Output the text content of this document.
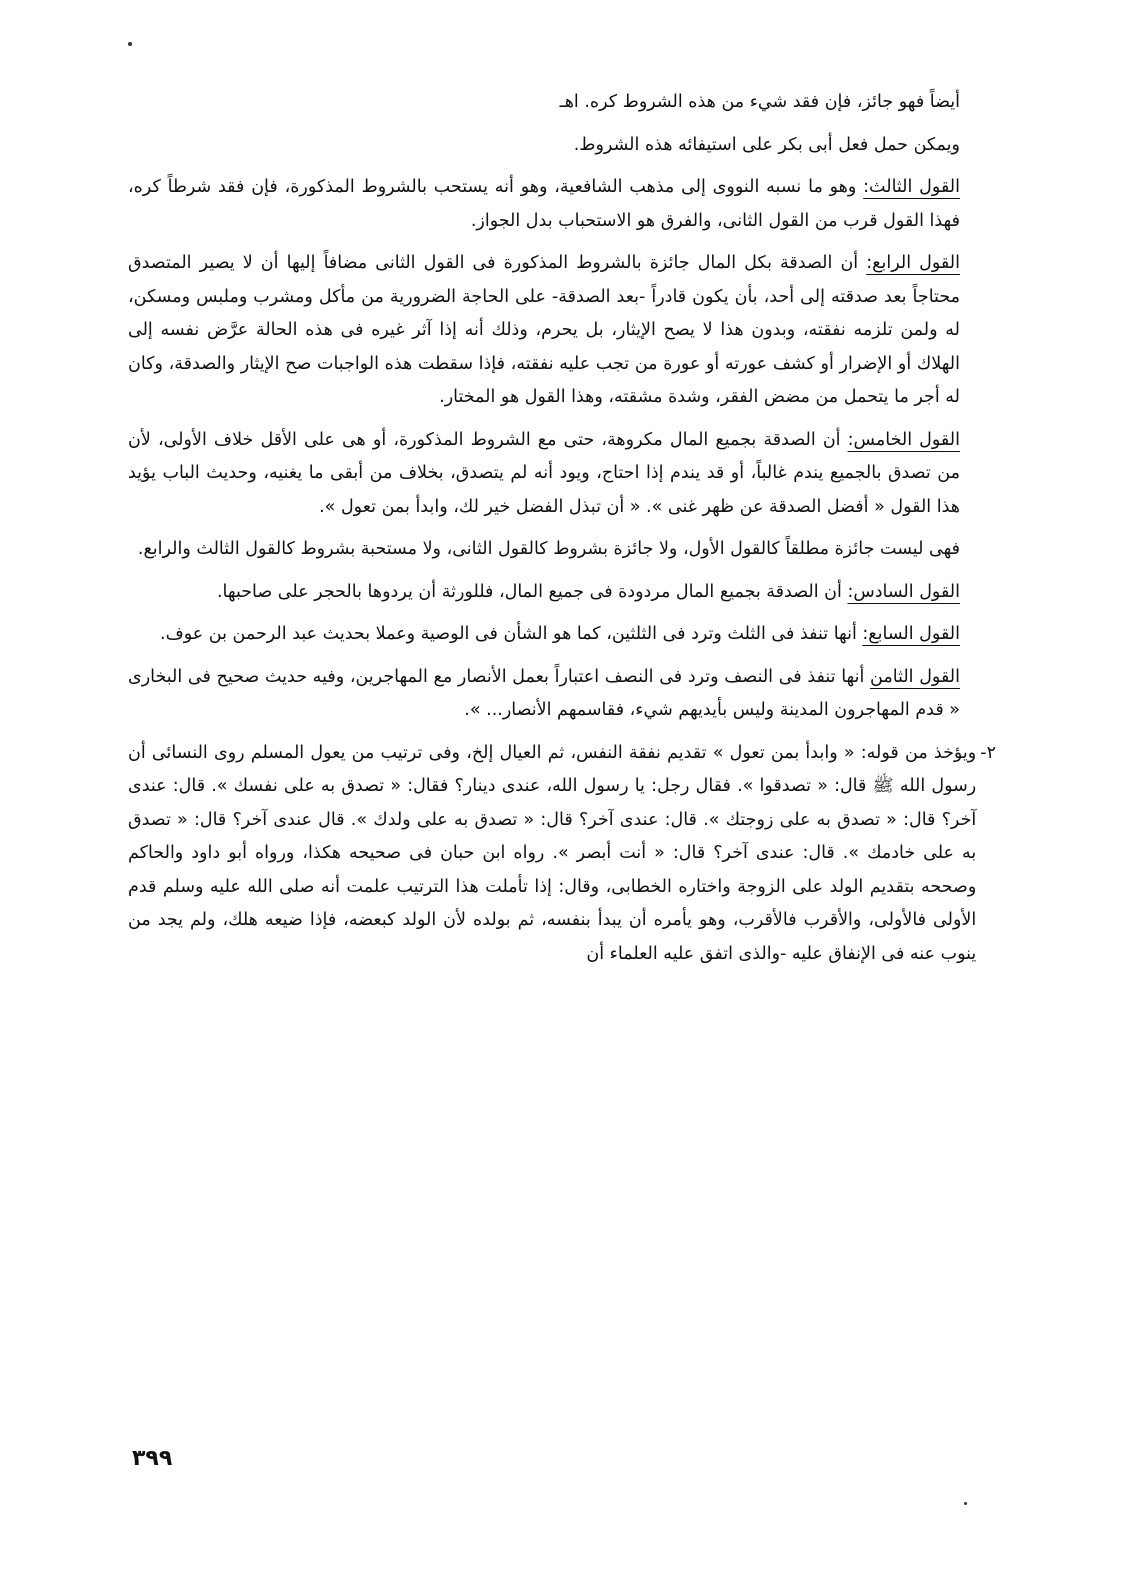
أيضاً فهو جائز، فإن فقد شيء من هذه الشروط كره. اهـ

ويمكن حمل فعل أبى بكر على استيفائه هذه الشروط.

القول الثالث: وهو ما نسبه النووى إلى مذهب الشافعية، وهو أنه يستحب بالشروط المذكورة، فإن فقد شرطاً كره، فهذا القول قرب من القول الثانى، والفرق هو الاستحباب بدل الجواز.

القول الرابع: أن الصدقة بكل المال جائزة بالشروط المذكورة فى القول الثانى مضافاً إليها أن لا يصير المتصدق محتاجاً بعد صدقته إلى أحد، بأن يكون قادراً -بعد الصدقة- على الحاجة الضرورية من مأكل ومشرب وملبس ومسكن، له ولمن تلزمه نفقته، وبدون هذا لا يصح الإيثار، بل يحرم، وذلك أنه إذا آثر غيره فى هذه الحالة عرَّض نفسه إلى الهلاك أو الإضرار أو كشف عورته أو عورة من تجب عليه نفقته، فإذا سقطت هذه الواجبات صح الإيثار والصدقة، وكان له أجر ما يتحمل من مضض الفقر، وشدة مشقته، وهذا القول هو المختار.

القول الخامس: أن الصدقة بجميع المال مكروهة، حتى مع الشروط المذكورة، أو هى على الأقل خلاف الأولى، لأن من تصدق بالجميع يندم غالباً، أو قد يندم إذا احتاج، ويود أنه لم يتصدق، بخلاف من أبقى ما يغنيه، وحديث الباب يؤيد هذا القول « أفضل الصدقة عن ظهر غنى ». « أن تبذل الفضل خير لك، وابدأ بمن تعول ».

فهى ليست جائزة مطلقاً كالقول الأول، ولا جائزة بشروط كالقول الثانى، ولا مستحبة بشروط كالقول الثالث والرابع.

القول السادس: أن الصدقة بجميع المال مردودة فى جميع المال، فللورثة أن يردوها بالحجر على صاحبها.

القول السابع: أنها تنفذ فى الثلث وترد فى الثلثين، كما هو الشأن فى الوصية وعملا بحديث عبد الرحمن بن عوف.

القول الثامن أنها تنفذ فى النصف وترد فى النصف اعتباراً بعمل الأنصار مع المهاجرين، وفيه حديث صحيح فى البخارى « قدم المهاجرون المدينة وليس بأيديهم شيء، فقاسمهم الأنصار... ».

٢-
ويؤخذ من قوله: « وابدأ بمن تعول » تقديم نفقة النفس، ثم العيال إلخ، وفى ترتيب من يعول المسلم روى النسائى أن رسول الله ﷺ قال: « تصدقوا ». فقال رجل: يا رسول الله، عندى دينار؟ فقال: « تصدق به على نفسك ». قال: عندى آخر؟ قال: « تصدق به على زوجتك ». قال: عندى آخر؟ قال: « تصدق به على ولدك ». قال عندى آخر؟ قال: « تصدق به على خادمك ». قال: عندى آخر؟ قال: « أنت أبصر ». رواه ابن حبان فى صحيحه هكذا، ورواه أبو داود والحاكم وصححه بتقديم الولد على الزوجة واختاره الخطابى، وقال: إذا تأملت هذا الترتيب علمت أنه صلى الله عليه وسلم قدم الأولى فالأولى، والأقرب فالأقرب، وهو يأمره أن يبدأ بنفسه، ثم بولده لأن الولد كبعضه، فإذا ضيعه هلك، ولم يجد من ينوب عنه فى الإنفاق عليه -والذى اتفق عليه العلماء أن
٣٩٩
